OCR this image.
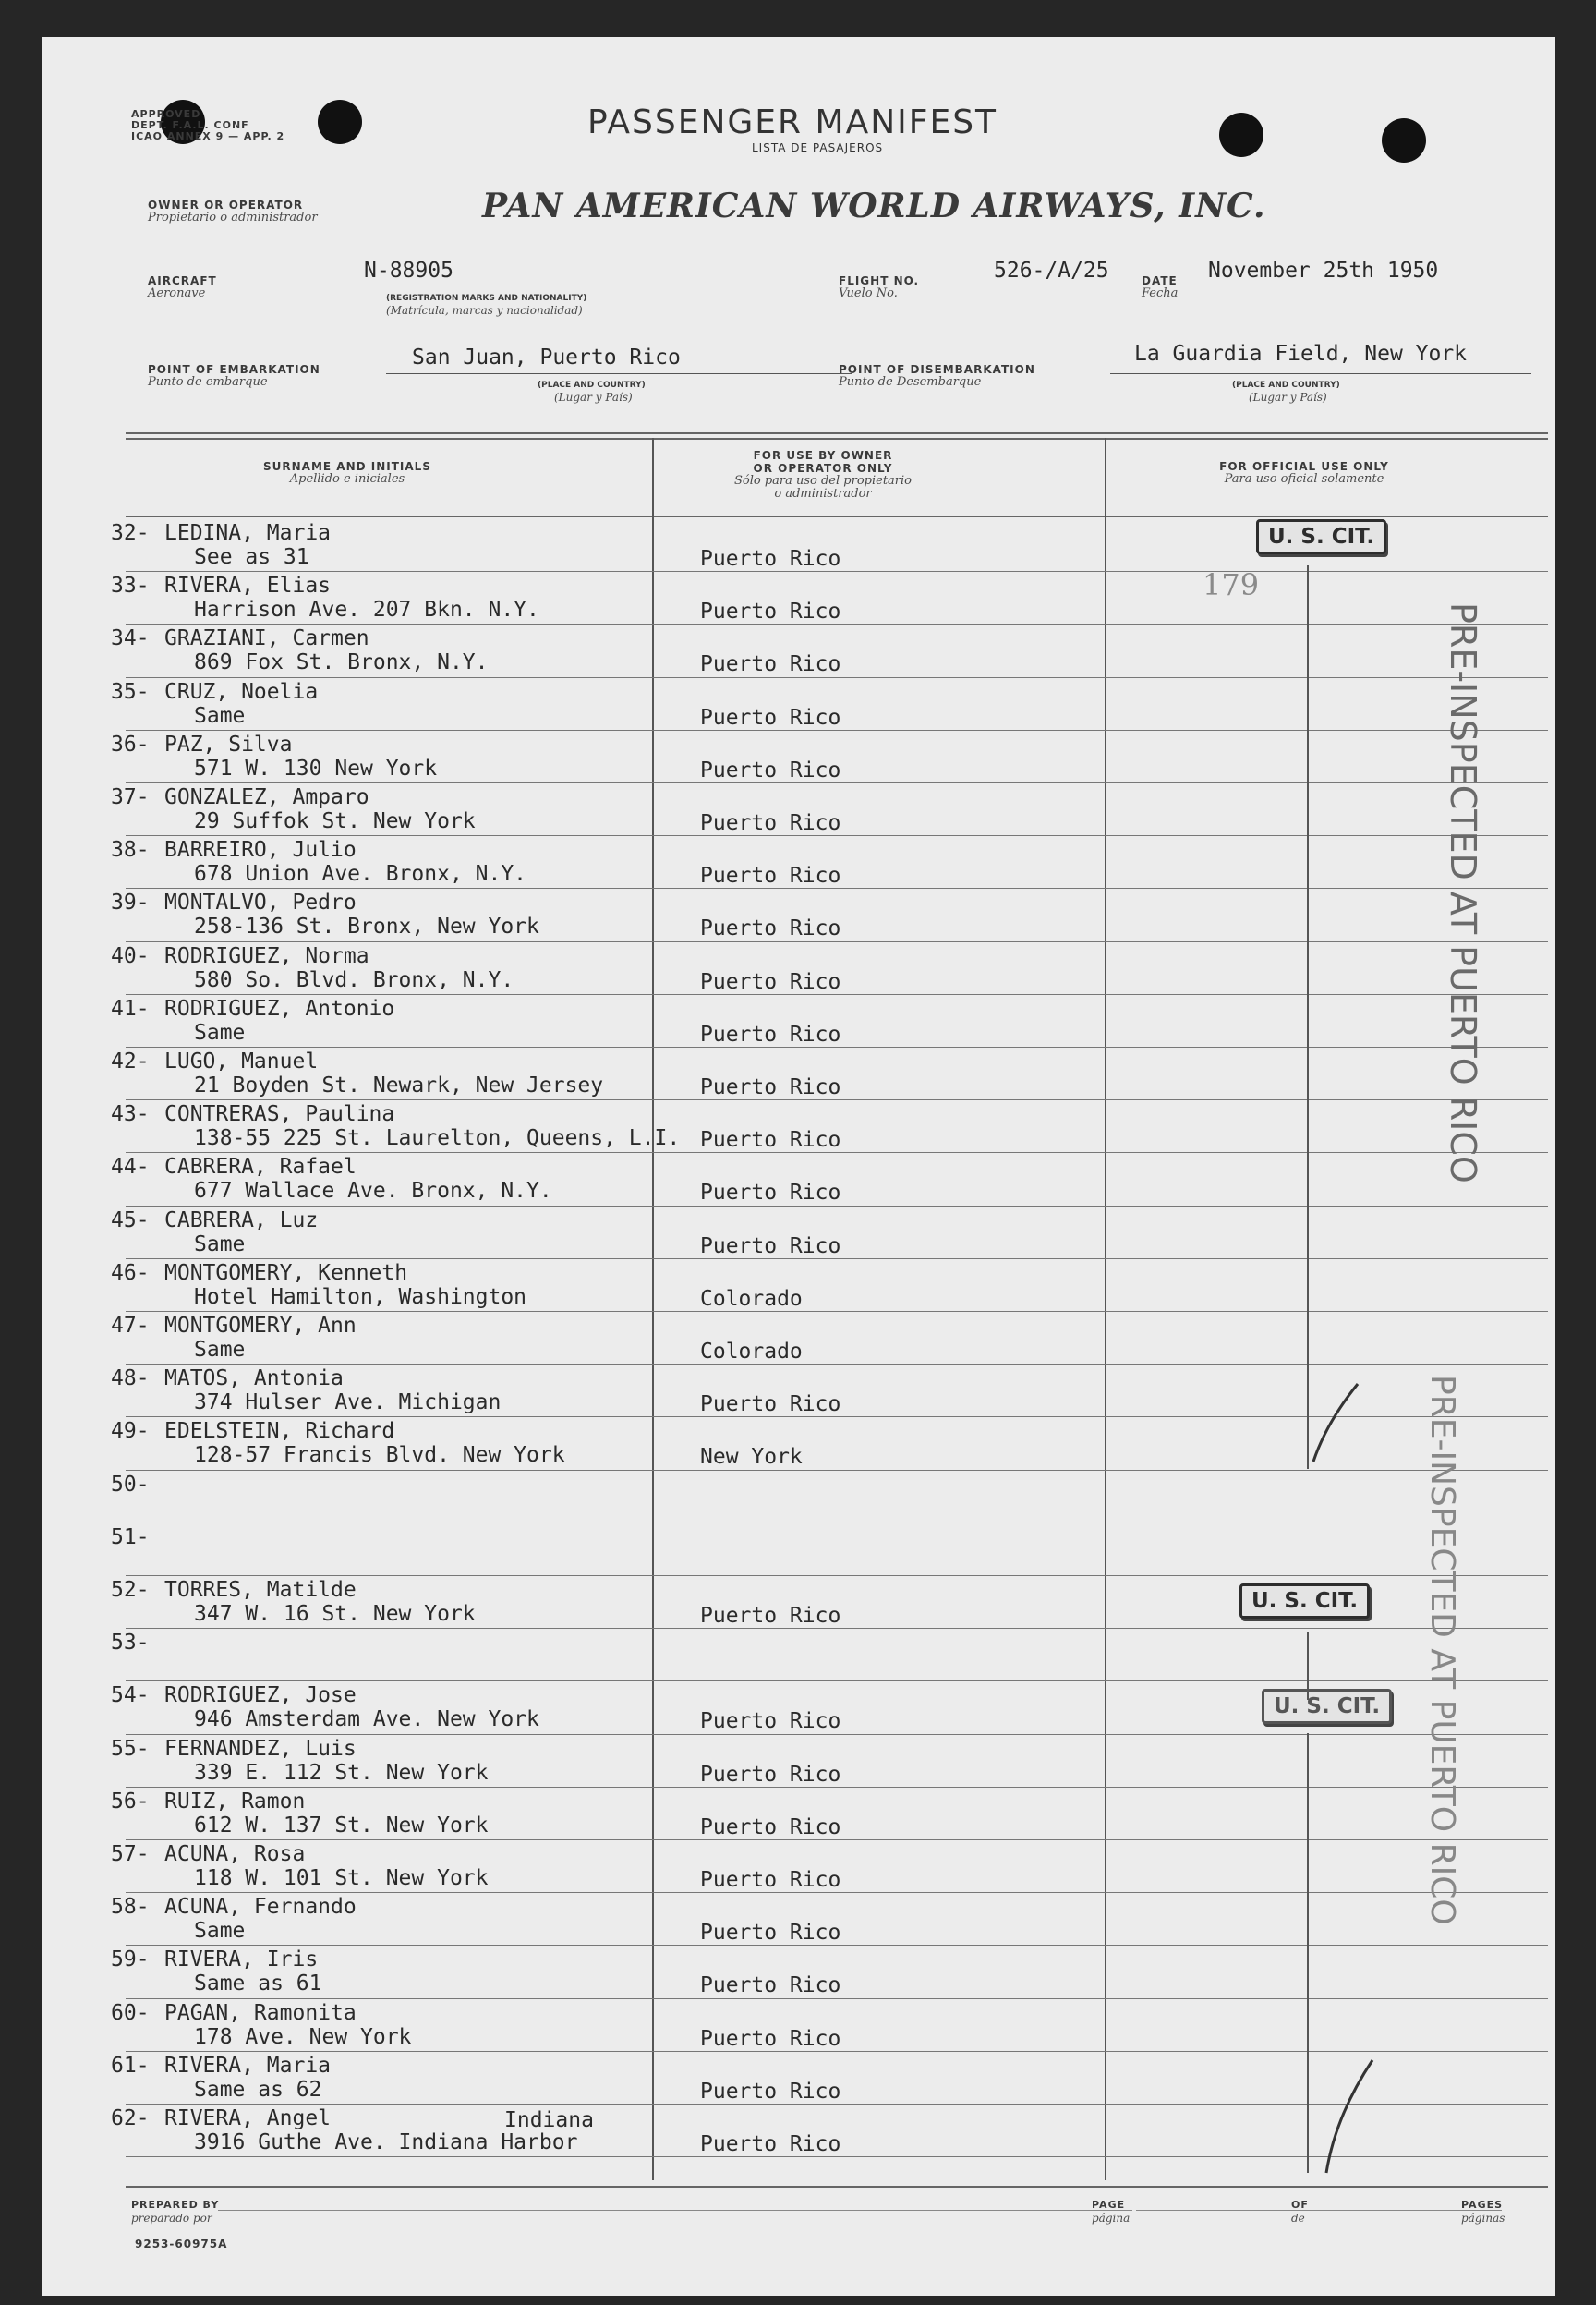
APPROVED
DEPT. F.A.L. CONF
ICAO ANNEX 9 — APP. 2	PASSENGER MANIFEST
LISTA DE PASAJEROS
OWNER OR OPERATOR
Propietario o administrador	PAN AMERICAN WORLD AIRWAYS, INC.
AIRCRAFT
Aeronave
N-88905
(REGISTRATION MARKS AND NATIONALITY)
(Matrícula, marcas y nacionalidad)
FLIGHT NO.
Vuelo No.
526-/A/25	DATE
Fecha
November 25th 1950
POINT OF EMBARKATION
Punto de embarque
San Juan, Puerto Rico
(PLACE AND COUNTRY)
(Lugar y País)
POINT OF DISEMBARKATION
Punto de Desembarque
La Guardia Field, New York
(PLACE AND COUNTRY)
(Lugar y País)
SURNAME AND INITIALS
Apellido e iniciales
FOR USE BY OWNER
OR OPERATOR ONLY
Sólo para uso del propietario
o administrador
FOR OFFICIAL USE ONLY
Para uso oficial solamente
32- LEDINA, Maria
See as 31	Puerto Rico
33- RIVERA, Elias
Harrison Ave. 207 Bkn. N.Y.	Puerto Rico
34- GRAZIANI, Carmen
869 Fox St. Bronx, N.Y.	Puerto Rico
35- CRUZ, Noelia
Same	Puerto Rico
36- PAZ, Silva
571 W. 130 New York	Puerto Rico
37- GONZALEZ, Amparo
29 Suffok St. New York	Puerto Rico
38- BARREIRO, Julio
678 Union Ave. Bronx, N.Y.	Puerto Rico
39- MONTALVO, Pedro
258-136 St. Bronx, New York	Puerto Rico
40- RODRIGUEZ, Norma
580 So. Blvd. Bronx, N.Y.	Puerto Rico
41- RODRIGUEZ, Antonio
Same	Puerto Rico
42- LUGO, Manuel
21 Boyden St. Newark, New Jersey	Puerto Rico
43- CONTRERAS, Paulina
138-55 225 St. Laurelton, Queens, L.I. Puerto Rico
44- CABRERA, Rafael
677 Wallace Ave. Bronx, N.Y.	Puerto Rico
45- CABRERA, Luz
Same	Puerto Rico
46- MONTGOMERY, Kenneth
Hotel Hamilton, Washington	Colorado
47- MONTGOMERY, Ann
Same	Colorado
48- MATOS, Antonia
374 Hulser Ave. Michigan	Puerto Rico
49- EDELSTEIN, Richard
128-57 Francis Blvd. New York	New York
50-
51-
52- TORRES, Matilde
347 W. 16 St. New York	Puerto Rico
53-
54- RODRIGUEZ, Jose
946 Amsterdam Ave. New York	Puerto Rico
55- FERNANDEZ, Luis
339 E. 112 St. New York	Puerto Rico
56- RUIZ, Ramon
612 W. 137 St. New York	Puerto Rico
57- ACUNA, Rosa
118 W. 101 St. New York	Puerto Rico
58- ACUNA, Fernando
Same	Puerto Rico
59- RIVERA, Iris
Same as 61	Puerto Rico
60- PAGAN, Ramonita
178 Ave. New York	Puerto Rico
61- RIVERA, Maria
Same as 62	Puerto Rico
62- RIVERA, Angel
3916 Guthe Ave. Indiana Harbor	Puerto Rico
Indiana
179
U. S. CIT.
U. S. CIT.
U. S. CIT.
PRE-INSPECTED AT PUERTO RICO
PRE-INSPECTED AT PUERTO RICO
PREPARED BY
preparado por
PAGE
página
OF
de
PAGES
páginas
9253-60975A
